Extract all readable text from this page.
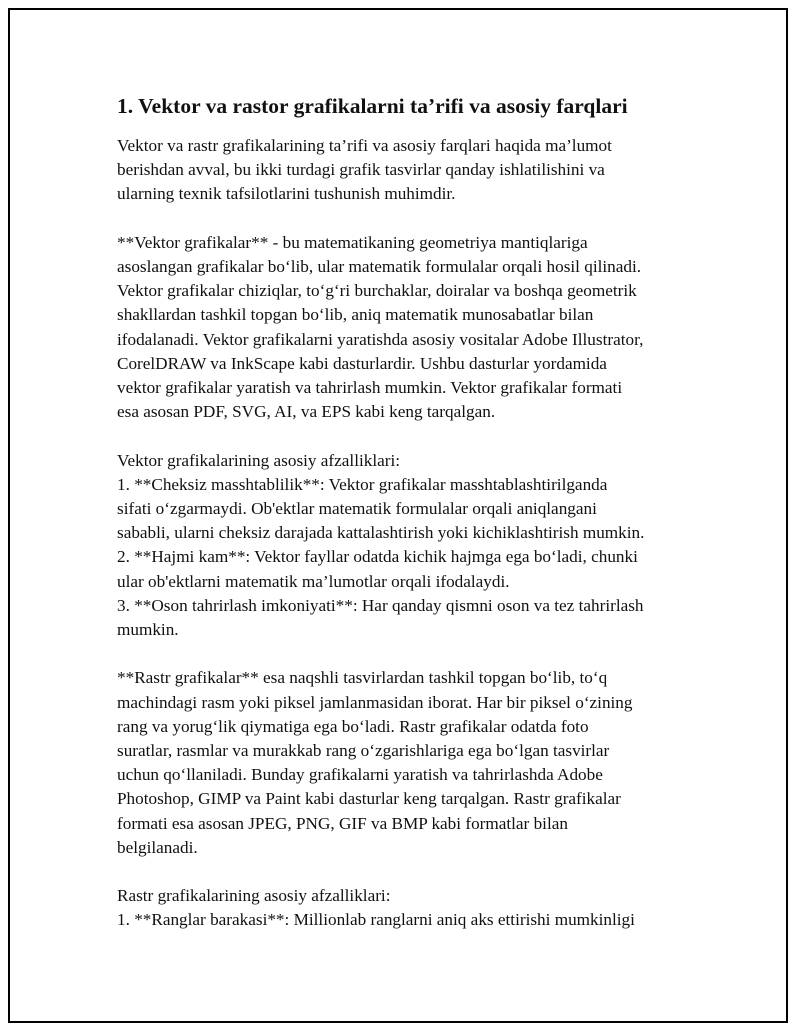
1. Vektor va rastor grafikalarni ta’rifi va asosiy farqlari

Vektor va rastr grafikalarining ta’rifi va asosiy farqlari haqida ma’lumot
berishdan avval, bu ikki turdagi grafik tasvirlar qanday ishlatilishini va
ularning texnik tafsilotlarini tushunish muhimdir.

**Vektor grafikalar** - bu matematikaning geometriya mantiqlariga
asoslangan grafikalar bo‘lib, ular matematik formulalar orqali hosil qilinadi.
Vektor grafikalar chiziqlar, to‘g‘ri burchaklar, doiralar va boshqa geometrik
shakllardan tashkil topgan bo‘lib, aniq matematik munosabatlar bilan
ifodalanadi. Vektor grafikalarni yaratishda asosiy vositalar Adobe Illustrator,
CorelDRAW va InkScape kabi dasturlardir. Ushbu dasturlar yordamida
vektor grafikalar yaratish va tahrirlash mumkin. Vektor grafikalar formati
esa asosan PDF, SVG, AI, va EPS kabi keng tarqalgan.

Vektor grafikalarining asosiy afzalliklari:
1. **Cheksiz masshtablilik**: Vektor grafikalar masshtablashtirilganda
sifati o‘zgarmaydi. Ob'ektlar matematik formulalar orqali aniqlangani
sababli, ularni cheksiz darajada kattalashtirish yoki kichiklashtirish mumkin.
2. **Hajmi kam**: Vektor fayllar odatda kichik hajmga ega bo‘ladi, chunki
ular ob'ektlarni matematik ma’lumotlar orqali ifodalaydi.
3. **Oson tahrirlash imkoniyati**: Har qanday qismni oson va tez tahrirlash
mumkin.

**Rastr grafikalar** esa naqshli tasvirlardan tashkil topgan bo‘lib, to‘q
machindagi rasm yoki piksel jamlanmasidan iborat. Har bir piksel o‘zining
rang va yorug‘lik qiymatiga ega bo‘ladi. Rastr grafikalar odatda foto
suratlar, rasmlar va murakkab rang o‘zgarishlariga ega bo‘lgan tasvirlar
uchun qo‘llaniladi. Bunday grafikalarni yaratish va tahrirlashda Adobe
Photoshop, GIMP va Paint kabi dasturlar keng tarqalgan. Rastr grafikalar
formati esa asosan JPEG, PNG, GIF va BMP kabi formatlar bilan
belgilanadi.

Rastr grafikalarining asosiy afzalliklari:
1. **Ranglar barakasi**: Millionlab ranglarni aniq aks ettirishi mumkinligi
